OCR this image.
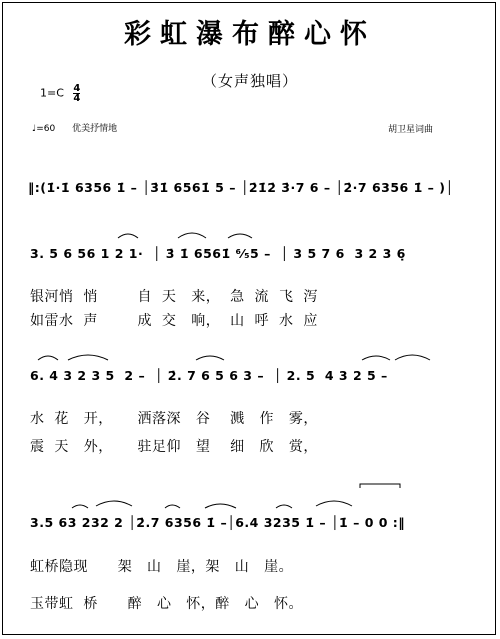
彩虹瀑布醉心怀
（女声独唱）
$1=C \frac{4}{4}$
♩=60 优美抒情地	胡卫星词曲
‖:(1̇·1̇ 6356 1̇ – │3̇1̇ 6561̇ 5 – │2̇1̇2̇ 3̇·7 6 – │2̇·7 6356 1̇ – )│
3. 5 6 56 1 2 1·  │ 3̇ 1̇ 6561̇ ⁶⁄₅5 –  │ 3 5 7 6  3 2 3 6̣
银河悄  悄        自  天   来，  急  流  飞  泻
如雷水  声        成  交   响，  山  呼  水  应
6. 4 3 2 3 5  2 –  │ 2̇. 7 6 5 6 3 –  │ 2. 5  4 3 2 5 –
水  花   开，     洒落深   谷    溅   作   雾，
震  天   外，     驻足仰   望    细   欣   赏，
3.5 63 232 2 │2̇.7 6356 1̇ –│6.4 3235 1̇ – │1̇ – 0 0 :‖
虹桥隐现      架   山   崖，架   山   崖。
玉带虹  桥      醉   心   怀，醉   心   怀。
